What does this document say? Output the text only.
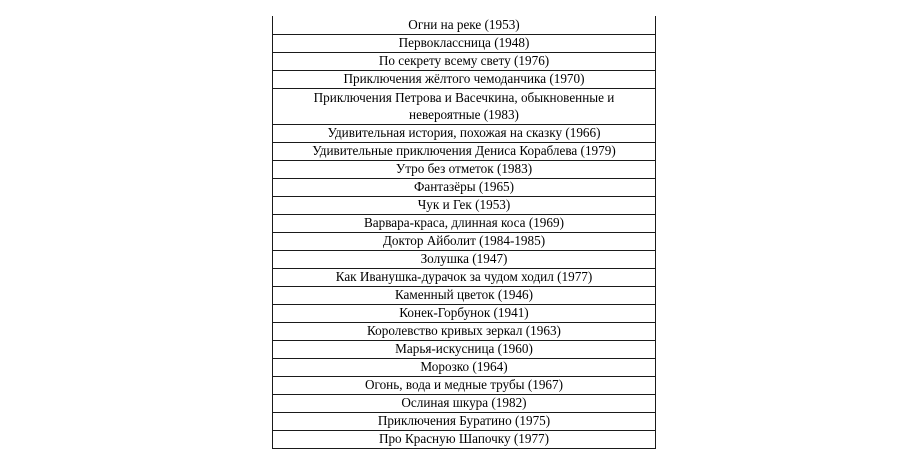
Огни на реке (1953)
Первоклассница (1948)
По секрету всему свету (1976)
Приключения жёлтого чемоданчика (1970)
Приключения Петрова и Васечкина, обыкновенные и невероятные (1983)
Удивительная история, похожая на сказку (1966)
Удивительные приключения Дениса Кораблева (1979)
Утро без отметок (1983)
Фантазёры (1965)
Чук и Гек (1953)
Варвара-краса, длинная коса (1969)
Доктор Айболит (1984-1985)
Золушка (1947)
Как Иванушка-дурачок за чудом ходил (1977)
Каменный цветок (1946)
Конек-Горбунок (1941)
Королевство кривых зеркал (1963)
Марья-искусница (1960)
Морозко (1964)
Огонь, вода и медные трубы (1967)
Ослиная шкура (1982)
Приключения Буратино (1975)
Про Красную Шапочку (1977)
